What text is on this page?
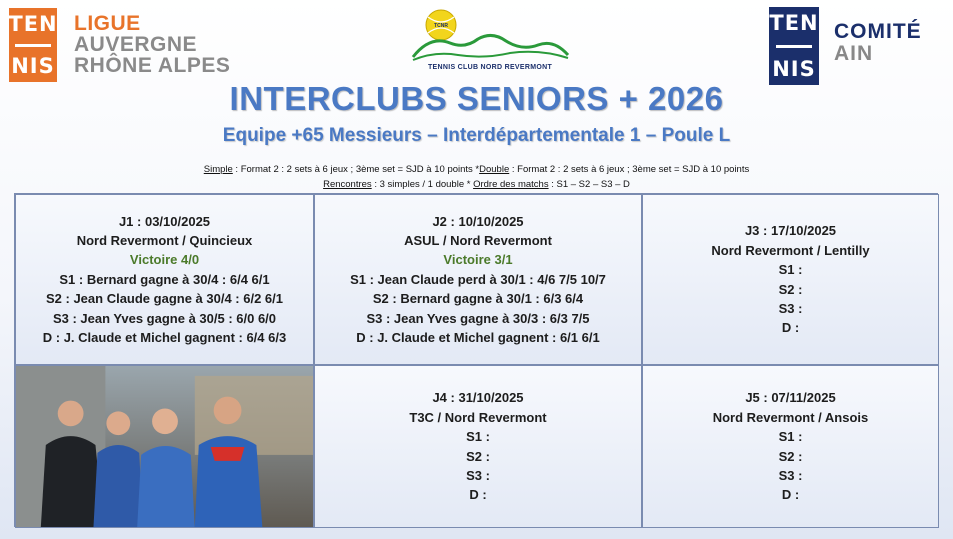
TEN
NIS
LIGUE
AUVERGNE
RHÔNE ALPES
TCNR
TENNIS CLUB NORD REVERMONT
TEN
NIS
COMITÉ
AIN
INTERCLUBS SENIORS + 2026
Equipe +65 Messieurs – Interdépartementale 1 – Poule L
Simple : Format 2 : 2 sets à 6 jeux ; 3ème set = SJD à 10 points *Double : Format 2 : 2 sets à 6 jeux ; 3ème set = SJD à 10 points
Rencontres : 3 simples / 1 double * Ordre des matchs : S1 – S2 – S3 – D
J1 : 03/10/2025
Nord Revermont / Quincieux
Victoire 4/0
S1 : Bernard gagne à 30/4 : 6/4 6/1
S2 : Jean Claude gagne à 30/4 : 6/2 6/1
S3 : Jean Yves gagne à 30/5 : 6/0 6/0
D : J. Claude et Michel gagnent : 6/4 6/3
J2 : 10/10/2025
ASUL / Nord Revermont
Victoire 3/1
S1 : Jean Claude perd à 30/1 : 4/6 7/5 10/7
S2 : Bernard gagne à 30/1 : 6/3 6/4
S3 : Jean Yves gagne à 30/3 : 6/3 7/5
D : J. Claude et Michel gagnent : 6/1 6/1
J3 : 17/10/2025
Nord Revermont / Lentilly
S1 :
S2 :
S3 :
D :
J4 : 31/10/2025
T3C / Nord Revermont
S1 :
S2 :
S3 :
D :
J5 : 07/11/2025
Nord Revermont / Ansois
S1 :
S2 :
S3 :
D :
